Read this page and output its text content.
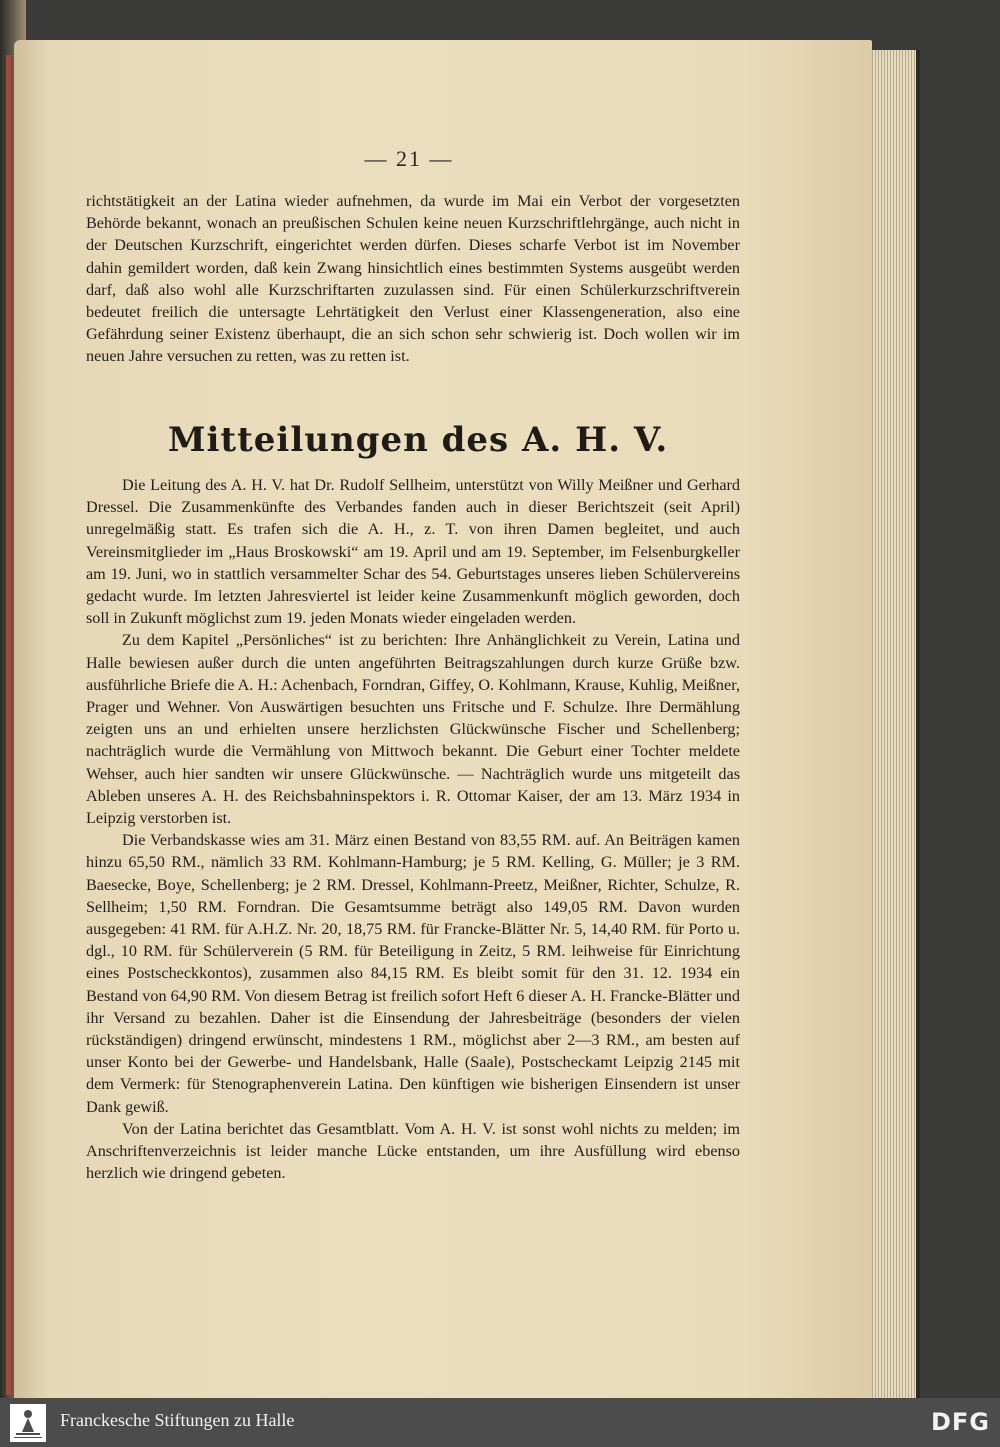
— 21 —

richtstätigkeit an der Latina wieder aufnehmen, da wurde im Mai ein Verbot der vorgesetzten Behörde bekannt, wonach an preußischen Schulen keine neuen Kurzschriftlehrgänge, auch nicht in der Deutschen Kurzschrift, eingerichtet werden dürfen. Dieses scharfe Verbot ist im November dahin gemildert worden, daß kein Zwang hinsichtlich eines bestimmten Systems ausgeübt werden darf, daß also wohl alle Kurzschriftarten zuzulassen sind. Für einen Schülerkurzschriftverein bedeutet freilich die untersagte Lehrtätigkeit den Verlust einer Klassengeneration, also eine Gefährdung seiner Existenz überhaupt, die an sich schon sehr schwierig ist. Doch wollen wir im neuen Jahre versuchen zu retten, was zu retten ist.

Mitteilungen des A. H. V.

Die Leitung des A. H. V. hat Dr. Rudolf Sellheim, unterstützt von Willy Meißner und Gerhard Dressel. Die Zusammenkünfte des Verbandes fanden auch in dieser Berichtszeit (seit April) unregelmäßig statt. Es trafen sich die A. H., z. T. von ihren Damen begleitet, und auch Vereinsmitglieder im „Haus Broskowski“ am 19. April und am 19. September, im Felsenburgkeller am 19. Juni, wo in stattlich versammelter Schar des 54. Geburtstages unseres lieben Schülervereins gedacht wurde. Im letzten Jahresviertel ist leider keine Zusammenkunft möglich geworden, doch soll in Zukunft möglichst zum 19. jeden Monats wieder eingeladen werden.

Zu dem Kapitel „Persönliches“ ist zu berichten: Ihre Anhänglichkeit zu Verein, Latina und Halle bewiesen außer durch die unten angeführten Beitragszahlungen durch kurze Grüße bzw. ausführliche Briefe die A. H.: Achenbach, Forndran, Giffey, O. Kohlmann, Krause, Kuhlig, Meißner, Prager und Wehner. Von Auswärtigen besuchten uns Fritsche und F. Schulze. Ihre Dermählung zeigten uns an und erhielten unsere herzlichsten Glückwünsche Fischer und Schellenberg; nachträglich wurde die Vermählung von Mittwoch bekannt. Die Geburt einer Tochter meldete Wehser, auch hier sandten wir unsere Glückwünsche. — Nachträglich wurde uns mitgeteilt das Ableben unseres A. H. des Reichsbahninspektors i. R. Ottomar Kaiser, der am 13. März 1934 in Leipzig verstorben ist.

Die Verbandskasse wies am 31. März einen Bestand von 83,55 RM. auf. An Beiträgen kamen hinzu 65,50 RM., nämlich 33 RM. Kohlmann-Hamburg; je 5 RM. Kelling, G. Müller; je 3 RM. Baesecke, Boye, Schellenberg; je 2 RM. Dressel, Kohlmann-Preetz, Meißner, Richter, Schulze, R. Sellheim; 1,50 RM. Forndran. Die Gesamtsumme beträgt also 149,05 RM. Davon wurden ausgegeben: 41 RM. für A.H.Z. Nr. 20, 18,75 RM. für Francke-Blätter Nr. 5, 14,40 RM. für Porto u. dgl., 10 RM. für Schülerverein (5 RM. für Beteiligung in Zeitz, 5 RM. leihweise für Einrichtung eines Postscheckkontos), zusammen also 84,15 RM. Es bleibt somit für den 31. 12. 1934 ein Bestand von 64,90 RM. Von diesem Betrag ist freilich sofort Heft 6 dieser A. H. Francke-Blätter und ihr Versand zu bezahlen. Daher ist die Einsendung der Jahresbeiträge (besonders der vielen rückständigen) dringend erwünscht, mindestens 1 RM., möglichst aber 2—3 RM., am besten auf unser Konto bei der Gewerbe- und Handelsbank, Halle (Saale), Postscheckamt Leipzig 2145 mit dem Vermerk: für Stenographenverein Latina. Den künftigen wie bisherigen Einsendern ist unser Dank gewiß.

Von der Latina berichtet das Gesamtblatt. Vom A. H. V. ist sonst wohl nichts zu melden; im Anschriftenverzeichnis ist leider manche Lücke entstanden, um ihre Ausfüllung wird ebenso herzlich wie dringend gebeten.

Franckesche Stiftungen zu Halle	DFG
